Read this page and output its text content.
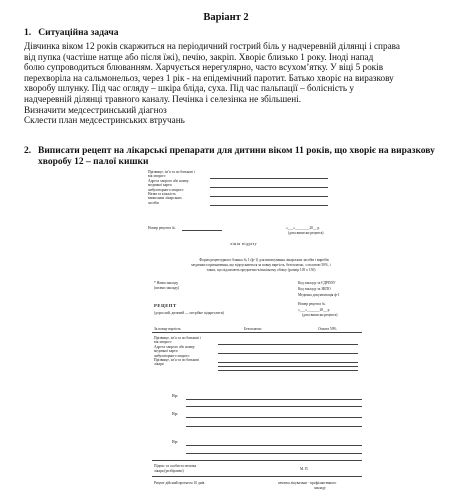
Варіант 2
1. Ситуаційна задача

Дівчинка віком 12 років скаржиться на періодичний гострий біль у надчеревній ділянці і справа

від пупка (частіше натще або після їжі), печію, закріп. Хворіє близько 1 року. Іноді напад

болю супроводиться блюванням. Харчується нерегулярно, часто всухом’ятку. У віці 5 років

перехворіла на сальмонельоз, через 1 рік - на епідемічний паротит. Батько хворіє на виразкову

хворобу шлунку. Під час огляду – шкіра бліда, суха. Під час пальпації – болісність у

надчеревній ділянці травного каналу. Печінка і селезінка не збільшені.

Визначити медсестринський діагноз

Склести план медсестринських втручань

2. Виписати рецепт на лікарські препарати для дитини віком 11 років, що хворіє на виразкову хворобу 12 – палої кишки
Прізвище, ім’я та по батькові і
вік хворого
Адреса хворого або номер
медичної карти
амбулаторного хворого
Назва та кількість
виписаних лікарських
засобів
Номер рецепта №	«___»________20__ р
(дата виписки рецепта)
лінія відрізу
Форма рецептурного бланка № 1 (ф-1) для виписування лікарських засобів і виробів
медичного призначення, що відпускаються за повну вартість, безоплатно, з оплатою 50%, і
таких, що підлягають предметно-кількісному обліку (розмір 105 х 150)
* Назва закладу
(штамп закладу)
Код закладу за ЄДРПОУ
Код закладу за ЗКПО
Медична документація ф-1
РЕЦЕПТ
(дорослий, дитячий — потрібне підкреслити)
Номер рецепта №
«___»_______20__ р
(дата виписки рецепта)
За повну вартість	Безоплатно	Оплата 50%
Прізвище, ім’я та по батькові і
вік хворого
Адреса хворого або номер
медичної карти
амбулаторного хворого
Прізвище, ім’я та по батькові
лікаря
Rp:
Rp:
Rp:
Підпис та особиста печатка
лікаря (розбірливо)	М. П.
Рецепт дійсний протягом 10 днів	печатка лікувально - профілактичного
закладу
